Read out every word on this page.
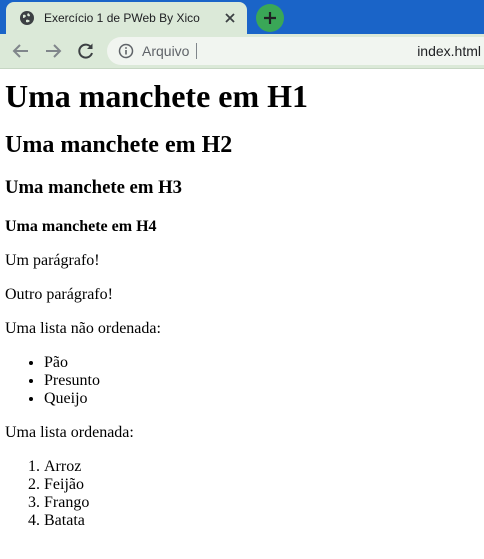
Exercício 1 de PWeb By Xico
Arquivo	index.html
Uma manchete em H1
Uma manchete em H2
Uma manchete em H3
Uma manchete em H4

Um parágrafo!

Outro parágrafo!

Uma lista não ordenada:

• Pão
• Presunto
• Queijo

Uma lista ordenada:

1. Arroz
2. Feijão
3. Frango
4. Batata
